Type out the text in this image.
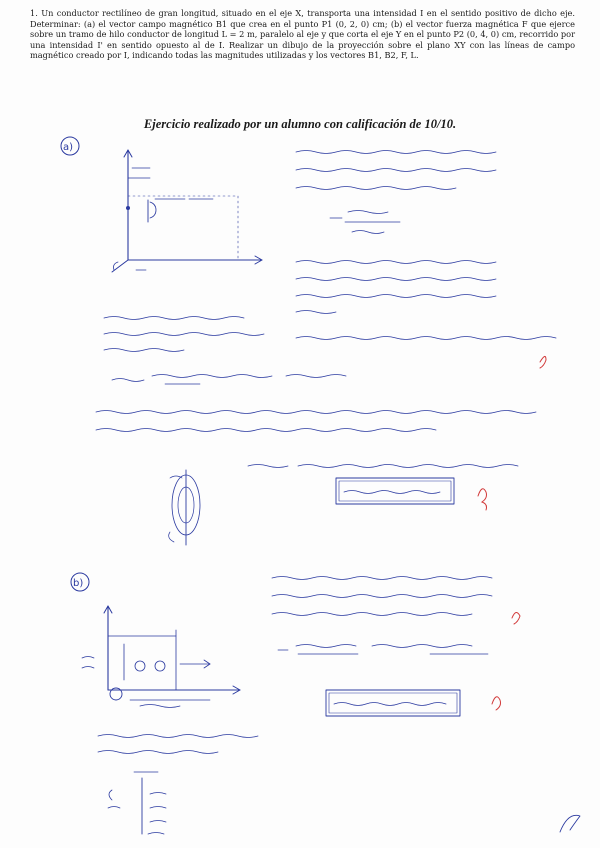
1. Un conductor rectilíneo de gran longitud, situado en el eje X, transporta una intensidad I en el sentido positivo de dicho eje. Determinar: (a) el vector campo magnético B1 que crea en el punto P1 (0, 2, 0) cm; (b) el vector fuerza magnética F que ejerce sobre un tramo de hilo conductor de longitud L = 2 m, paralelo al eje y que corta el eje Y en el punto P2 (0, 4, 0) cm, recorrido por una intensidad I' en sentido opuesto al de I. Realizar un dibujo de la proyección sobre el plano XY con las líneas de campo magnético creado por I, indicando todas las magnitudes utilizadas y los vectores B1, B2, F, L.
Ejercicio realizado por un alumno con calificación de 10/10.
a)
b)
